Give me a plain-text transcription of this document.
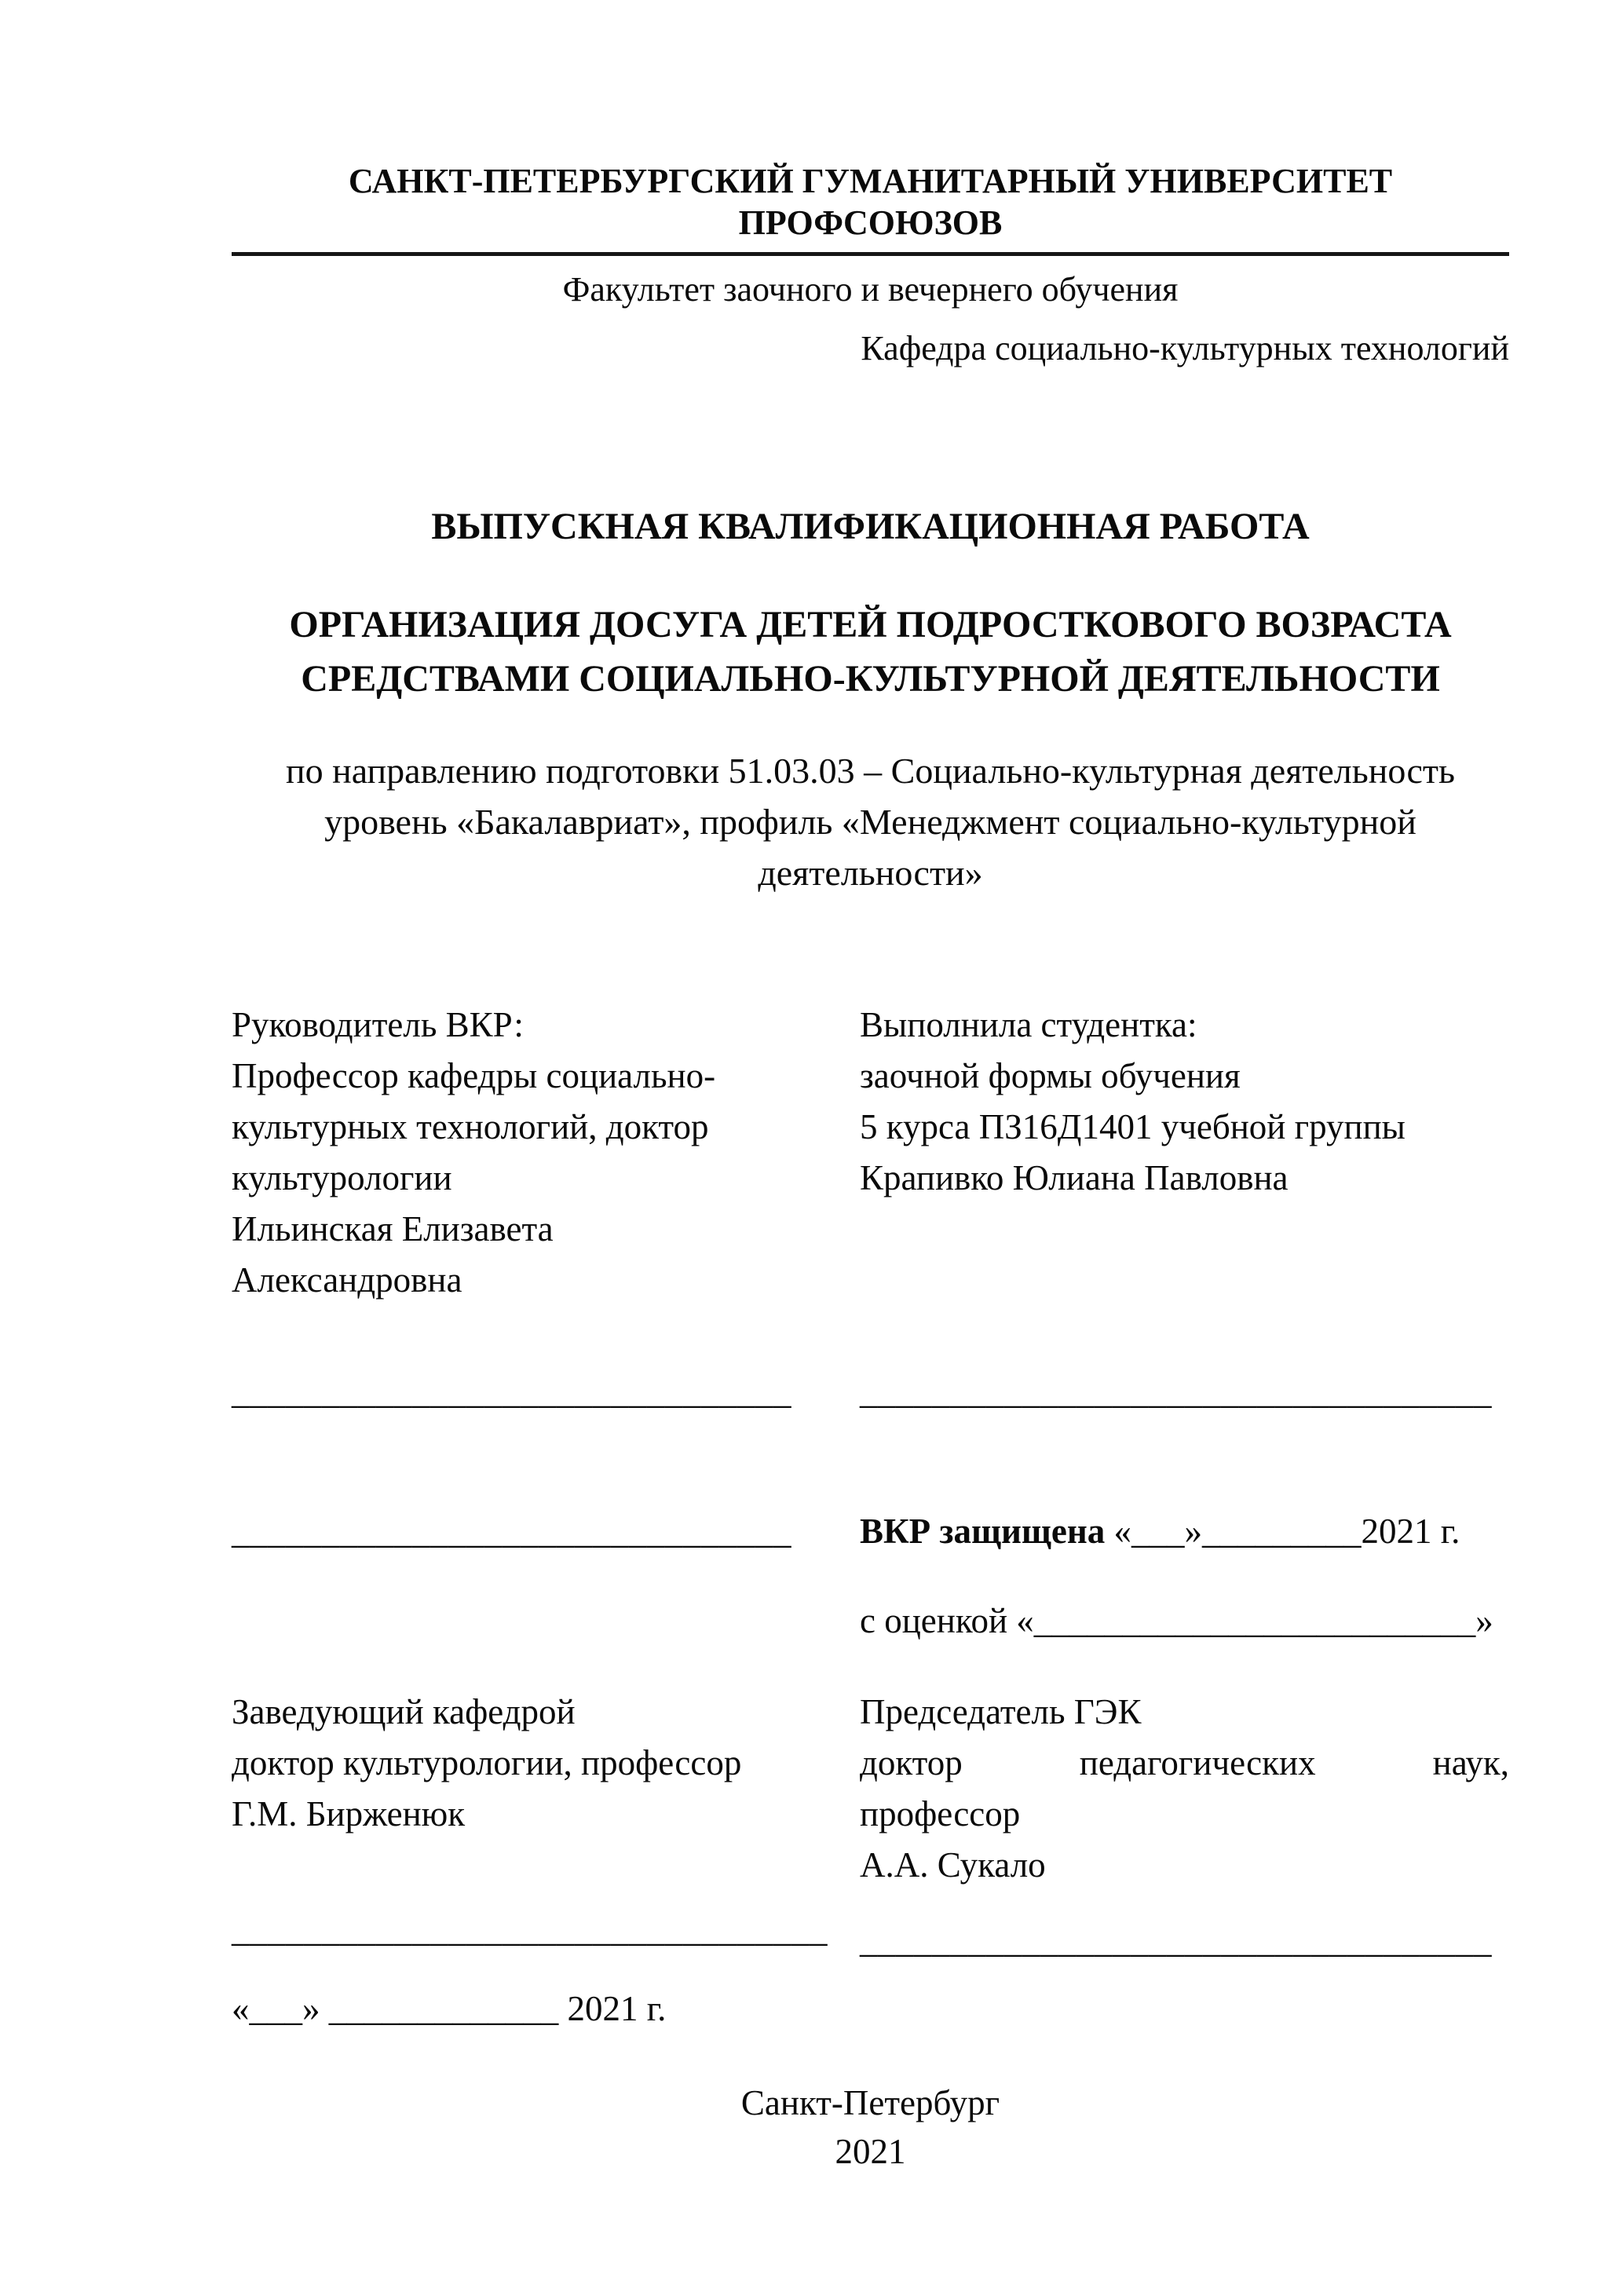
САНКТ-ПЕТЕРБУРГСКИЙ ГУМАНИТАРНЫЙ УНИВЕРСИТЕТ ПРОФСОЮЗОВ
Факультет заочного и вечернего обучения
Кафедра социально-культурных технологий
ВЫПУСКНАЯ КВАЛИФИКАЦИОННАЯ РАБОТА
ОРГАНИЗАЦИЯ ДОСУГА ДЕТЕЙ ПОДРОСТКОВОГО ВОЗРАСТА
СРЕДСТВАМИ СОЦИАЛЬНО-КУЛЬТУРНОЙ ДЕЯТЕЛЬНОСТИ
по направлению подготовки 51.03.03 – Социально-культурная деятельность
уровень «Бакалавриат», профиль «Менеджмент социально-культурной
деятельности»
Руководитель ВКР:
Профессор кафедры социально-
культурных технологий, доктор
культурологии
Ильинская Елизавета
Александровна
Выполнила студентка:
заочной формы обучения
5 курса ПЗ16Д1401 учебной группы
Крапивко Юлиана Павловна
_______________________________	___________________________________
_______________________________	ВКР защищена «___»_________2021 г.
с оценкой «_________________________»
Заведующий кафедрой
доктор культурологии, профессор
Г.М. Бирженюк
Председатель ГЭК
доктор	педагогических	наук,
профессор
А.А. Сукало
_________________________________ ___________________________________
«___» _____________ 2021 г.
Санкт-Петербург
2021
